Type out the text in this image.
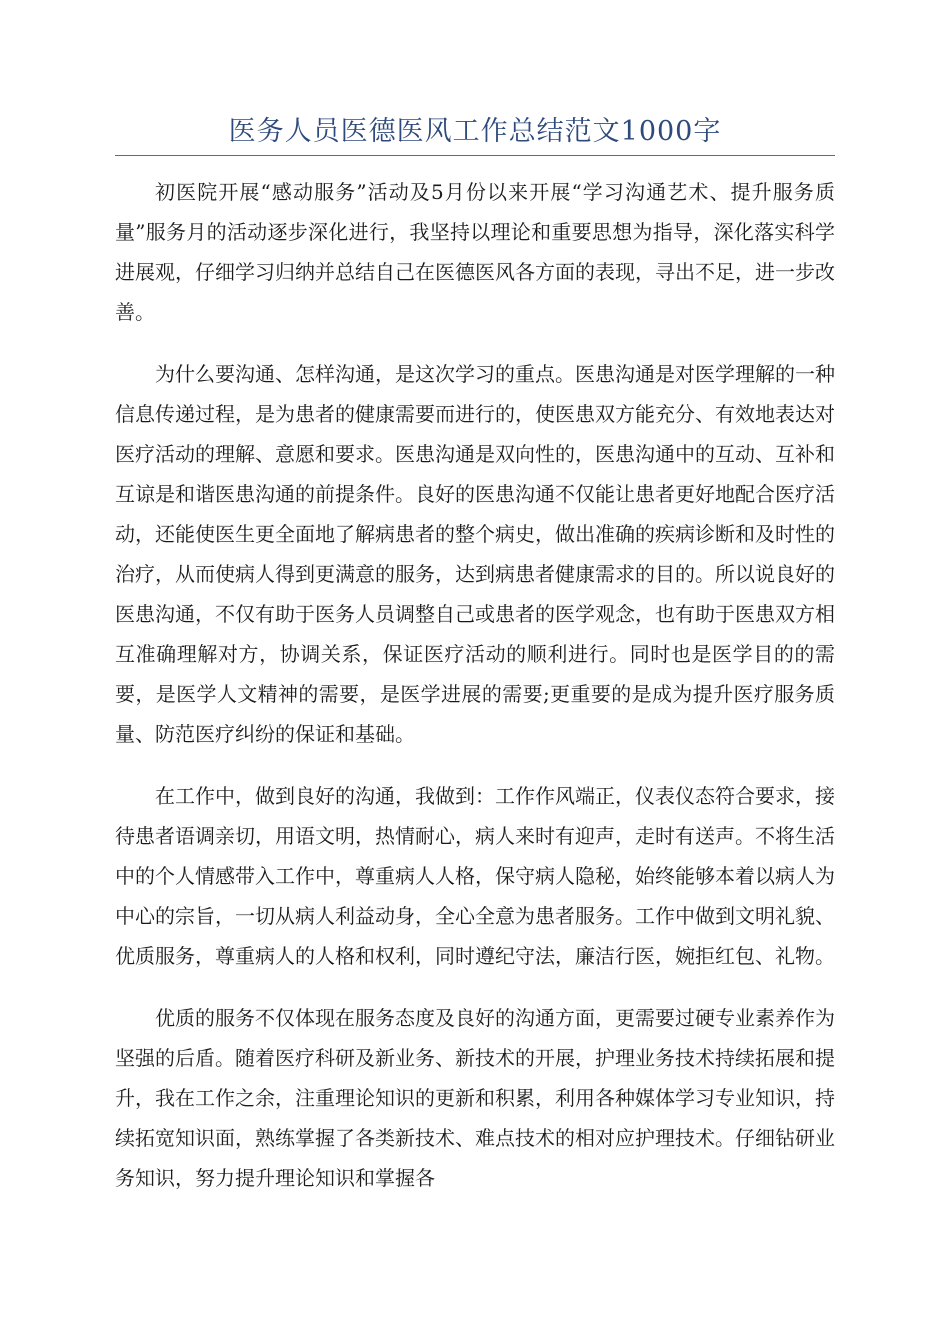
医务人员医德医风工作总结范文1000字

初医院开展“感动服务”活动及5月份以来开展“学习沟通艺术、提升服务质量”服务月的活动逐步深化进行，我坚持以理论和重要思想为指导，深化落实科学进展观，仔细学习归纳并总结自己在医德医风各方面的表现，寻出不足，进一步改善。

为什么要沟通、怎样沟通，是这次学习的重点。医患沟通是对医学理解的一种信息传递过程，是为患者的健康需要而进行的，使医患双方能充分、有效地表达对医疗活动的理解、意愿和要求。医患沟通是双向性的，医患沟通中的互动、互补和互谅是和谐医患沟通的前提条件。良好的医患沟通不仅能让患者更好地配合医疗活动，还能使医生更全面地了解病患者的整个病史，做出准确的疾病诊断和及时性的治疗，从而使病人得到更满意的服务，达到病患者健康需求的目的。所以说良好的医患沟通，不仅有助于医务人员调整自己或患者的医学观念，也有助于医患双方相互准确理解对方，协调关系，保证医疗活动的顺利进行。同时也是医学目的的需要，是医学人文精神的需要，是医学进展的需要;更重要的是成为提升医疗服务质量、防范医疗纠纷的保证和基础。

在工作中，做到良好的沟通，我做到：工作作风端正，仪表仪态符合要求，接待患者语调亲切，用语文明，热情耐心，病人来时有迎声，走时有送声。不将生活中的个人情感带入工作中，尊重病人人格，保守病人隐秘，始终能够本着以病人为中心的宗旨，一切从病人利益动身，全心全意为患者服务。工作中做到文明礼貌、优质服务，尊重病人的人格和权利，同时遵纪守法，廉洁行医，婉拒红包、礼物。

优质的服务不仅体现在服务态度及良好的沟通方面，更需要过硬专业素养作为坚强的后盾。随着医疗科研及新业务、新技术的开展，护理业务技术持续拓展和提升，我在工作之余，注重理论知识的更新和积累，利用各种媒体学习专业知识，持续拓宽知识面，熟练掌握了各类新技术、难点技术的相对应护理技术。仔细钻研业务知识，努力提升理论知识和掌握各
